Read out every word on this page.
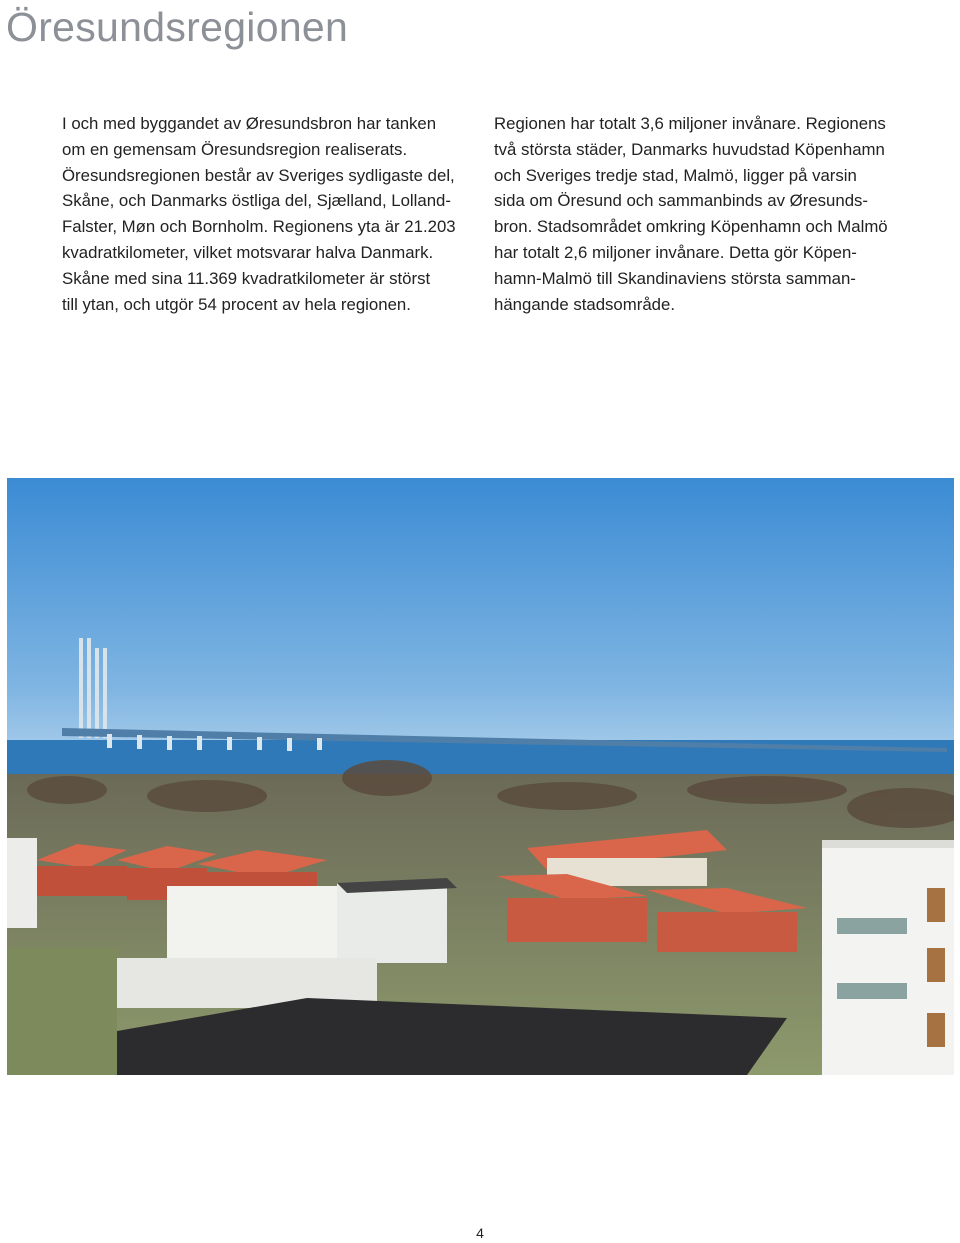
Öresundsregionen
I och med byggandet av Øresundsbron har tanken
om en gemensam Öresundsregion realiserats.
Öresundsregionen består av Sveriges sydligaste del,
Skåne, och Danmarks östliga del, Sjælland, Lolland-
Falster, Møn och Bornholm. Regionens yta är 21.203
kvadratkilometer, vilket motsvarar halva Danmark.
Skåne med sina 11.369 kvadratkilometer är störst
till ytan, och utgör 54 procent av hela regionen.
Regionen har totalt 3,6 miljoner invånare. Regionens
två största städer, Danmarks huvudstad Köpenhamn
och Sveriges tredje stad, Malmö, ligger på varsin
sida om Öresund och sammanbinds av Øresunds-
bron. Stadsområdet omkring Köpenhamn och Malmö
har totalt 2,6 miljoner invånare. Detta gör Köpen-
hamn-Malmö till Skandinaviens största samman-
hängande stadsområde.
4
